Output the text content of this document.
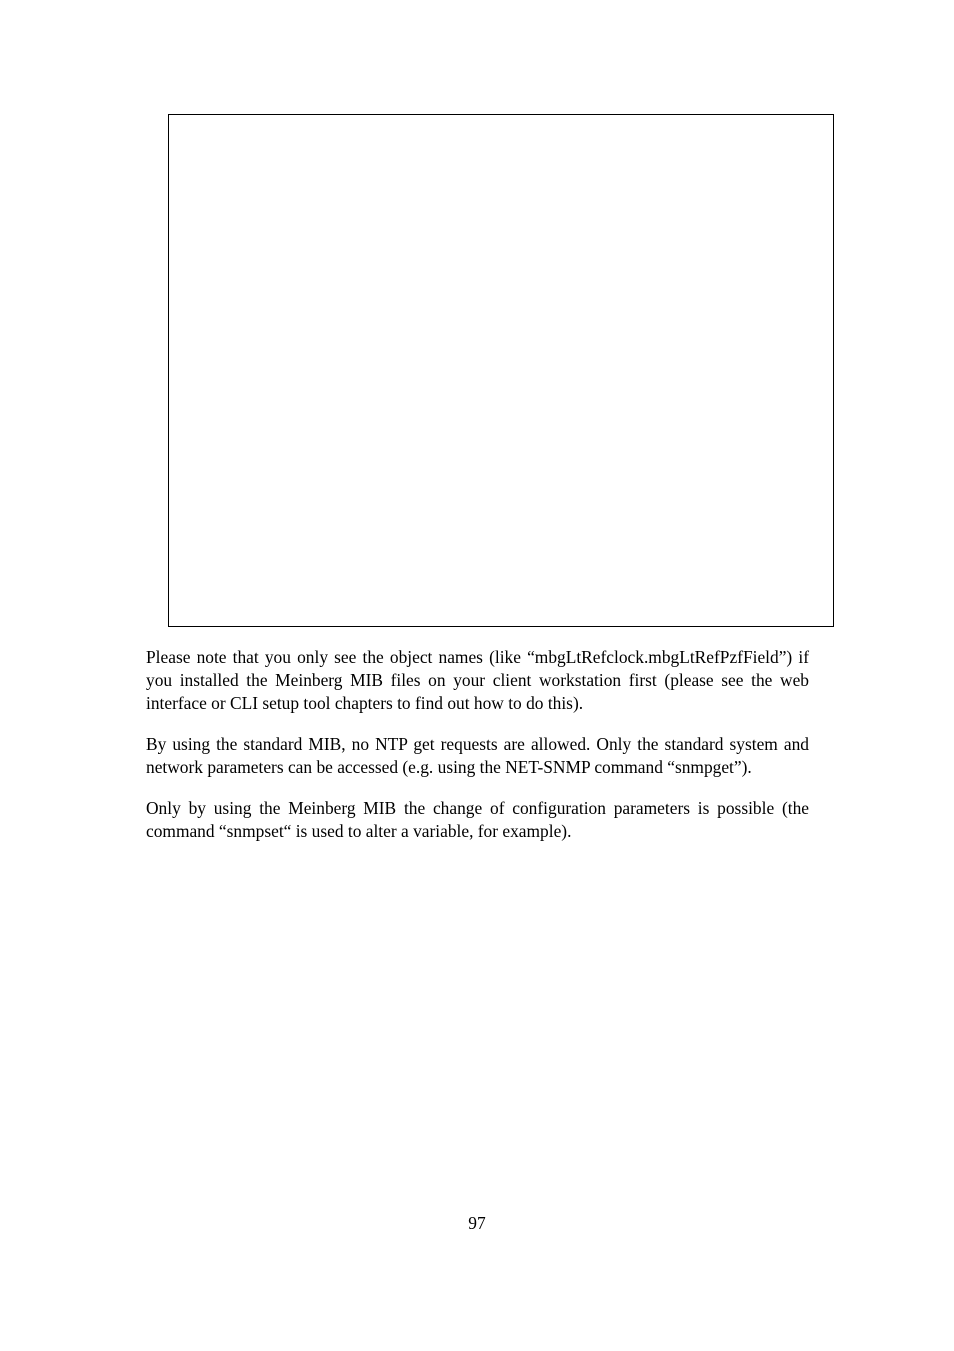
Please note that you only see the object names (like “mbgLtRefclock.mbgLtRefPzfField”) if you installed the Meinberg MIB files on your client workstation first (please see the web interface or CLI setup tool chapters to find out how to do this).

By using the standard MIB, no NTP get requests are allowed. Only the standard system and network parameters can be accessed (e.g. using the NET-SNMP command “snmpget”).

Only by using the Meinberg MIB the change of configuration parameters is possible (the command “snmpset“ is used to alter a variable, for example).

97
